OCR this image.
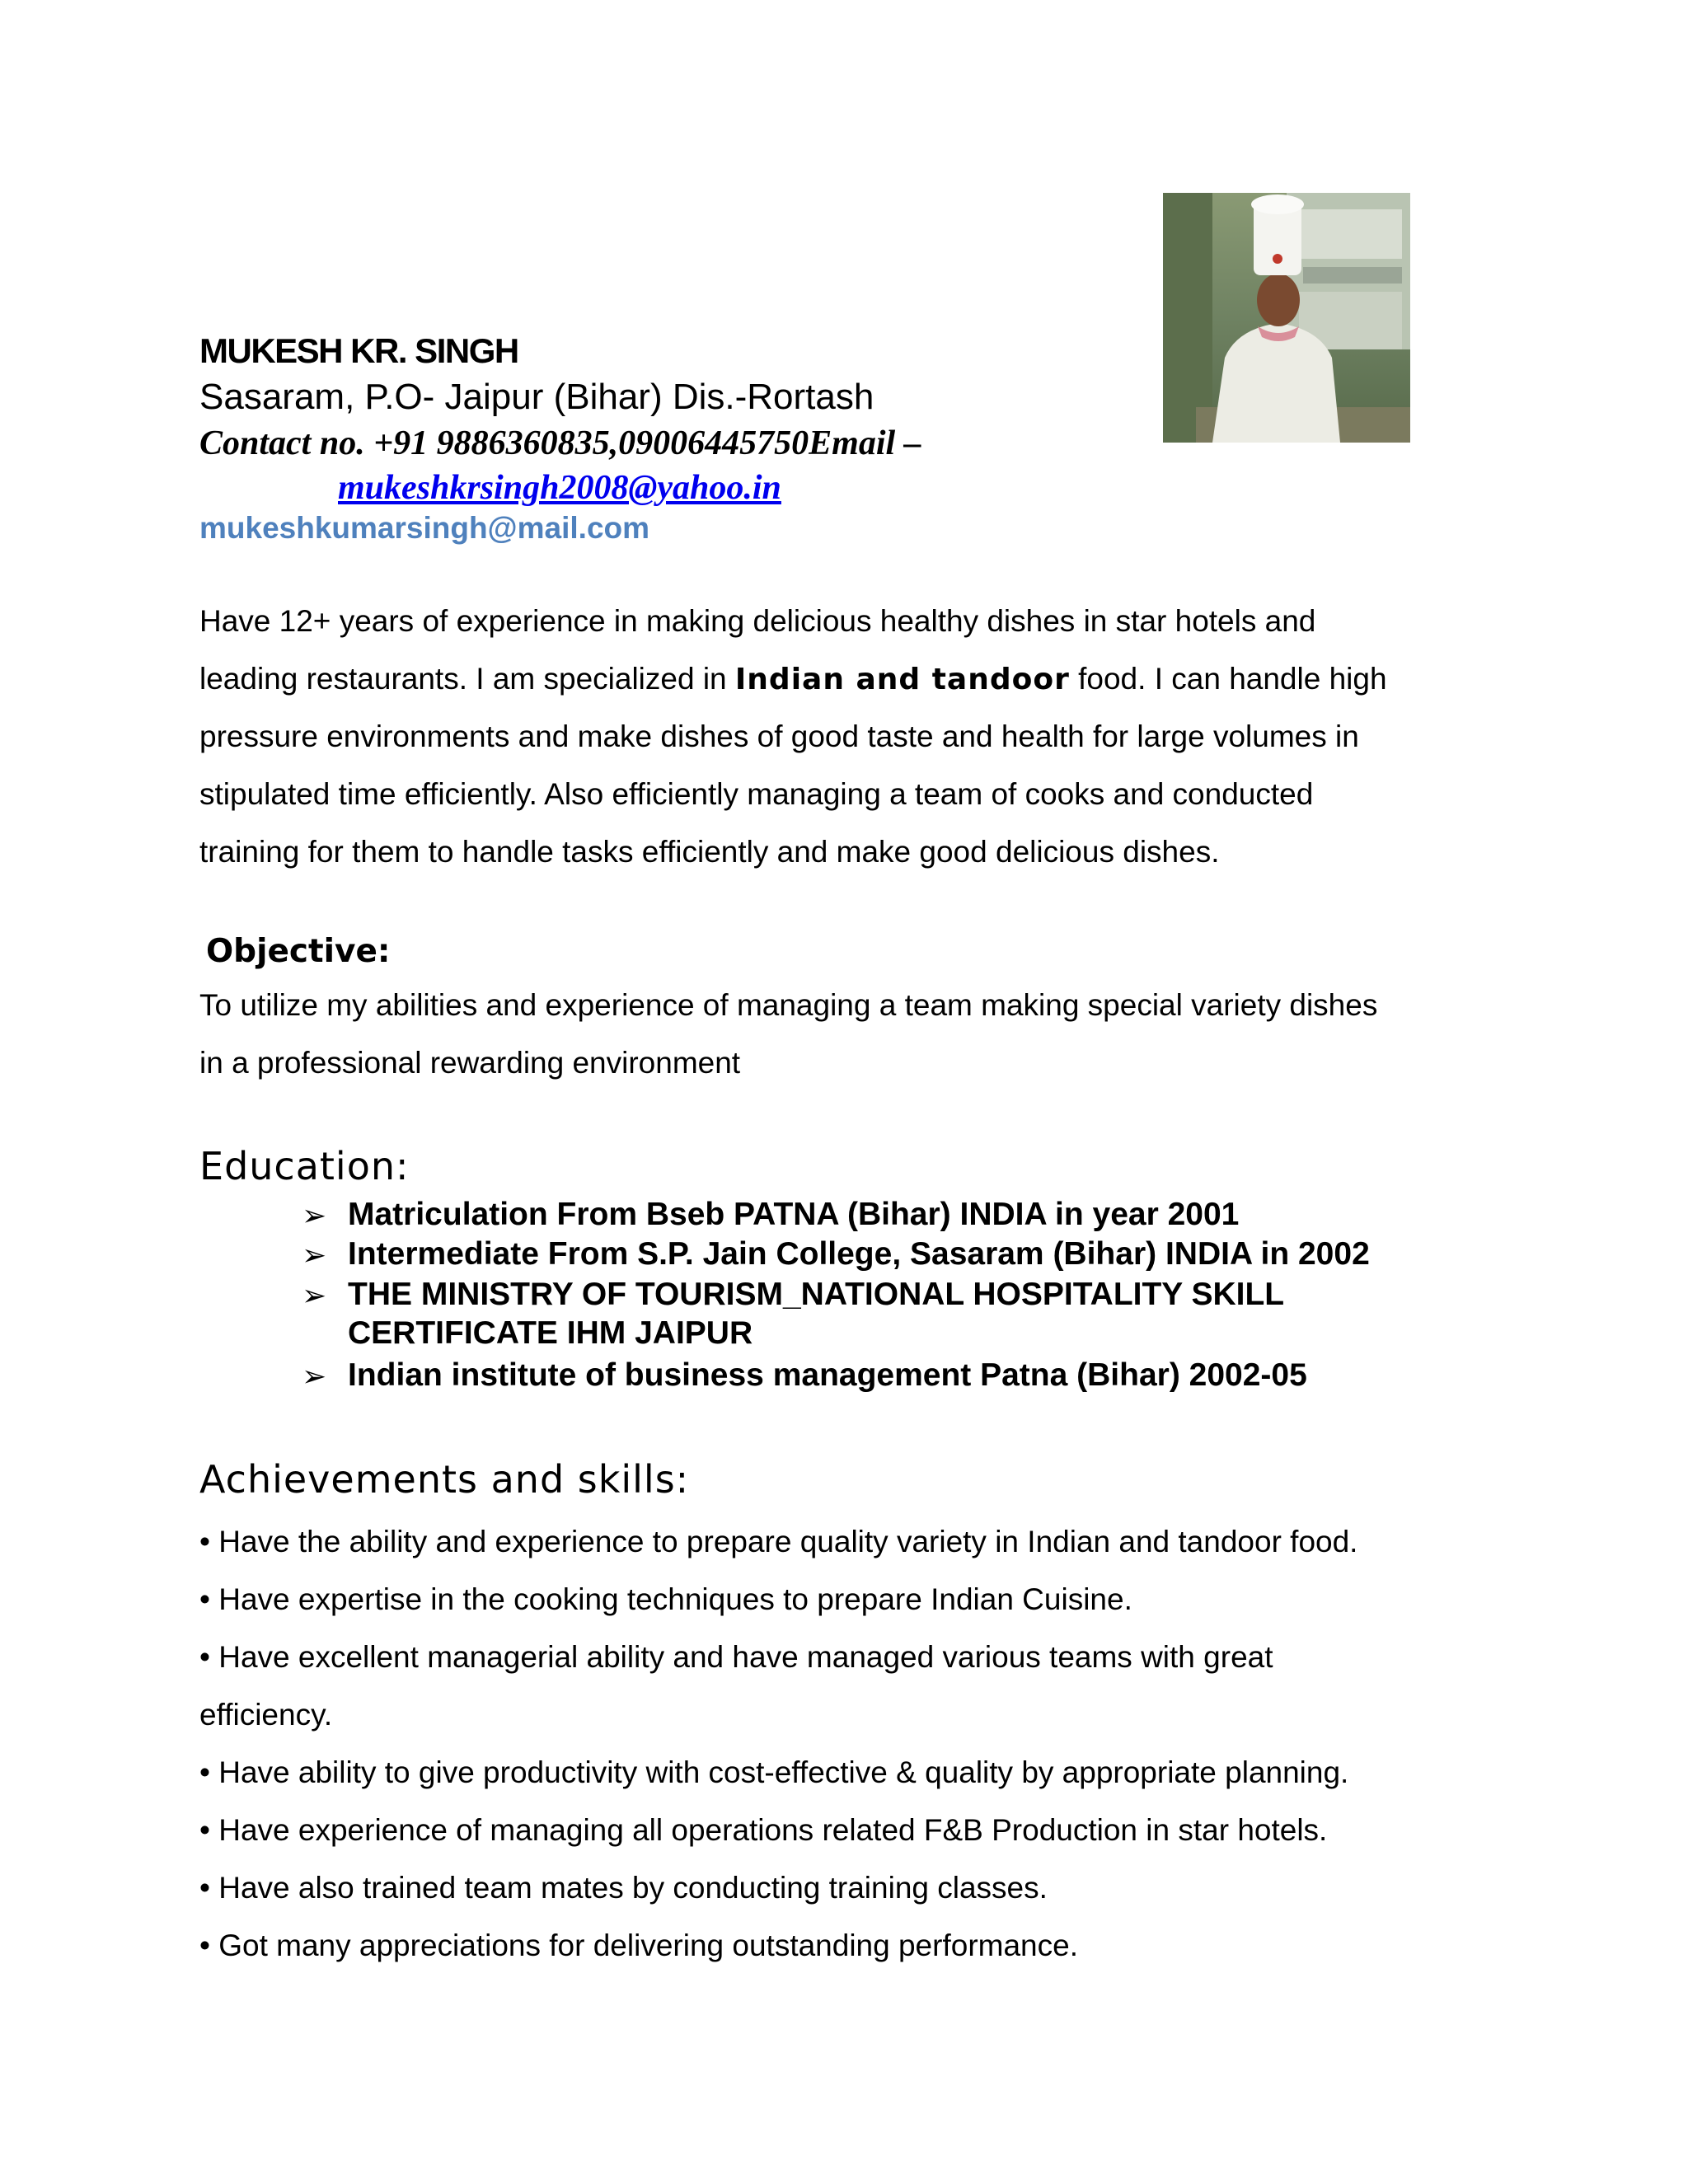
MUKESH KR. SINGH
Sasaram, P.O- Jaipur (Bihar) Dis.-Rortash
Contact no. +91 9886360835,09006445750Email –
mukeshkrsingh2008@yahoo.in
mukeshkumarsingh@mail.com
Have 12+ years of experience in making delicious healthy dishes in star hotels and
leading restaurants. I am specialized in Indian and tandoor food. I can handle high
pressure environments and make dishes of good taste and health for large volumes in
stipulated time efficiently. Also efficiently managing a team of cooks and conducted
training for them to handle tasks efficiently and make good delicious dishes.
Objective:
To utilize my abilities and experience of managing a team making special variety dishes
in a professional rewarding environment
Education:
➢ Matriculation From Bseb PATNA (Bihar) INDIA in year 2001
➢ Intermediate From S.P. Jain College, Sasaram (Bihar) INDIA in 2002
➢ THE MINISTRY OF TOURISM_NATIONAL HOSPITALITY SKILL
CERTIFICATE IHM JAIPUR
➢ Indian institute of business management Patna (Bihar) 2002-05
Achievements and skills:
• Have the ability and experience to prepare quality variety in Indian and tandoor food.
• Have expertise in the cooking techniques to prepare Indian Cuisine.
• Have excellent managerial ability and have managed various teams with great
efficiency.
• Have ability to give productivity with cost-effective & quality by appropriate planning.
• Have experience of managing all operations related F&B Production in star hotels.
• Have also trained team mates by conducting training classes.
• Got many appreciations for delivering outstanding performance.
